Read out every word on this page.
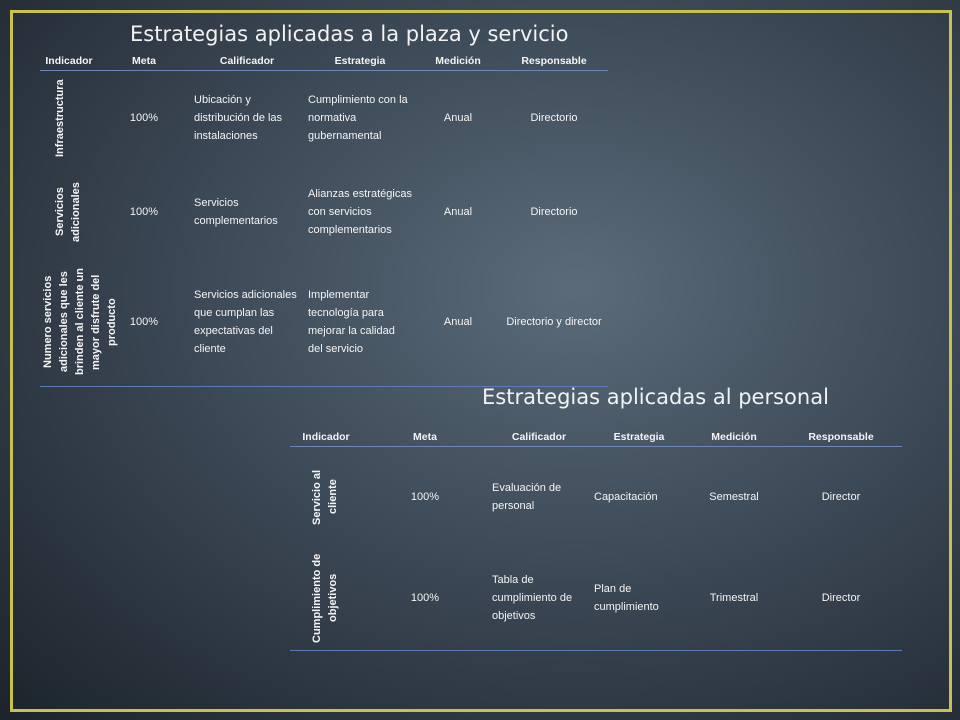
Estrategias aplicadas a la plaza y servicio
Indicador	Meta	Calificador	Estrategia	Medición	Responsable

Infraestructura	100%	Ubicación y distribución de las instalaciones	Cumplimiento con la normativa gubernamental	Anual	Directorio

Servicios adicionales	100%	Servicios complementarios	Alianzas estratégicas con servicios complementarios	Anual	Directorio

Numero servicios adicionales que les brinden al cliente un mayor disfrute del producto	100%	Servicios adicionales que cumplan las expectativas del cliente	Implementar tecnología para mejorar la calidad del servicio	Anual	Directorio y director
Estrategias aplicadas al personal
Indicador	Meta	Calificador	Estrategia	Medición	Responsable

Servicio al cliente	100%	Evaluación de personal	Capacitación	Semestral	Director

Cumplimiento de objetivos	100%	Tabla de cumplimiento de objetivos	Plan de cumplimiento	Trimestral	Director
